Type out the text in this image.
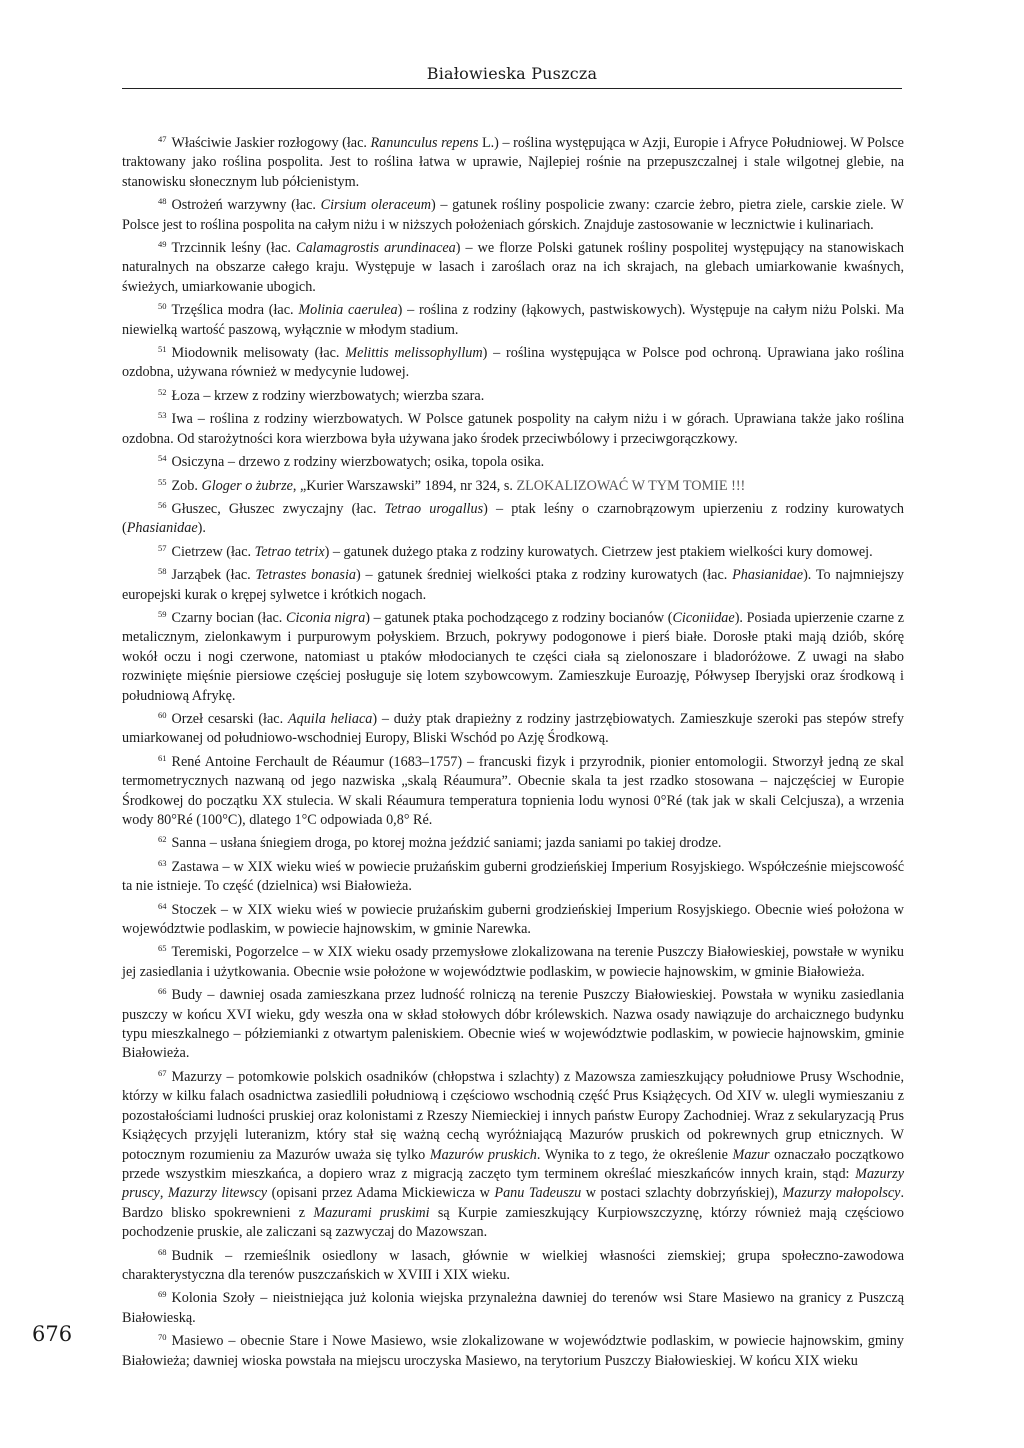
Białowieska Puszcza

$^{47}$ Właściwie Jaskier rozłogowy (łac. Ranunculus repens L.) – roślina występująca w Azji, Europie i Afryce Południowej. W Polsce traktowany jako roślina pospolita. Jest to roślina łatwa w uprawie, Najlepiej rośnie na przepuszczalnej i stale wilgotnej glebie, na stanowisku słonecznym lub półcienistym.

$^{48}$ Ostrożeń warzywny (łac. Cirsium oleraceum) – gatunek rośliny pospolicie zwany: czarcie żebro, pietra ziele, carskie ziele. W Polsce jest to roślina pospolita na całym niżu i w niższych położeniach górskich. Znajduje zastosowanie w lecznictwie i kulinariach.

$^{49}$ Trzcinnik leśny (łac. Calamagrostis arundinacea) – we florze Polski gatunek rośliny pospolitej występujący na stanowiskach naturalnych na obszarze całego kraju. Występuje w lasach i zaroślach oraz na ich skrajach, na glebach umiarkowanie kwaśnych, świeżych, umiarkowanie ubogich.

$^{50}$ Trzęślica modra (łac. Molinia caerulea) – roślina z rodziny (łąkowych, pastwiskowych). Występuje na całym niżu Polski. Ma niewielką wartość paszową, wyłącznie w młodym stadium.

$^{51}$ Miodownik melisowaty (łac. Melittis melissophyllum) – roślina występująca w Polsce pod ochroną. Uprawiana jako roślina ozdobna, używana również w medycynie ludowej.

$^{52}$ Łoza – krzew z rodziny wierzbowatych; wierzba szara.

$^{53}$ Iwa – roślina z rodziny wierzbowatych. W Polsce gatunek pospolity na całym niżu i w górach. Uprawiana także jako roślina ozdobna. Od starożytności kora wierzbowa była używana jako środek przeciwbólowy i przeciwgorączkowy.

$^{54}$ Osiczyna – drzewo z rodziny wierzbowatych; osika, topola osika.

$^{55}$ Zob. Gloger o żubrze, „Kurier Warszawski” 1894, nr 324, s. ZLOKALIZOWAĆ W TYM TOMIE !!!

$^{56}$ Głuszec, Głuszec zwyczajny (łac. Tetrao urogallus) – ptak leśny o czarnobrązowym upierzeniu z rodziny kurowatych (Phasianidae).

$^{57}$ Cietrzew (łac. Tetrao tetrix) – gatunek dużego ptaka z rodziny kurowatych. Cietrzew jest ptakiem wielkości kury domowej.

$^{58}$ Jarząbek (łac. Tetrastes bonasia) – gatunek średniej wielkości ptaka z rodziny kurowatych (łac. Phasianidae). To najmniejszy europejski kurak o krępej sylwetce i krótkich nogach.

$^{59}$ Czarny bocian (łac. Ciconia nigra) – gatunek ptaka pochodzącego z rodziny bocianów (Ciconiidae). Posiada upierzenie czarne z metalicznym, zielonkawym i purpurowym połyskiem. Brzuch, pokrywy podogonowe i pierś białe. Dorosłe ptaki mają dziób, skórę wokół oczu i nogi czerwone, natomiast u ptaków młodocianych te części ciała są zielonoszare i bladoróżowe. Z uwagi na słabo rozwinięte mięśnie piersiowe częściej posługuje się lotem szybowcowym. Zamieszkuje Euroazję, Półwysep Iberyjski oraz środkową i południową Afrykę.

$^{60}$ Orzeł cesarski (łac. Aquila heliaca) – duży ptak drapieżny z rodziny jastrzębiowatych. Zamieszkuje szeroki pas stepów strefy umiarkowanej od południowo-wschodniej Europy, Bliski Wschód po Azję Środkową.

$^{61}$ René Antoine Ferchault de Réaumur (1683–1757) – francuski fizyk i przyrodnik, pionier entomologii. Stworzył jedną ze skal termometrycznych nazwaną od jego nazwiska „skalą Réaumura”. Obecnie skala ta jest rzadko stosowana – najczęściej w Europie Środkowej do początku XX stulecia. W skali Réaumura temperatura topnienia lodu wynosi 0°Ré (tak jak w skali Celcjusza), a wrzenia wody 80°Ré (100°C), dlatego 1°C odpowiada 0,8° Ré.

$^{62}$ Sanna – usłana śniegiem droga, po ktorej można jeździć saniami; jazda saniami po takiej drodze.

$^{63}$ Zastawa – w XIX wieku wieś w powiecie prużańskim guberni grodzieńskiej Imperium Rosyjskiego. Współcześnie miejscowość ta nie istnieje. To część (dzielnica) wsi Białowieża.

$^{64}$ Stoczek – w XIX wieku wieś w powiecie prużańskim guberni grodzieńskiej Imperium Rosyjskiego. Obecnie wieś położona w województwie podlaskim, w powiecie hajnowskim, w gminie Narewka.

$^{65}$ Teremiski, Pogorzelce – w XIX wieku osady przemysłowe zlokalizowana na terenie Puszczy Białowieskiej, powstałe w wyniku jej zasiedlania i użytkowania. Obecnie wsie położone w województwie podlaskim, w powiecie hajnowskim, w gminie Białowieża.

$^{66}$ Budy – dawniej osada zamieszkana przez ludność rolniczą na terenie Puszczy Białowieskiej. Powstała w wyniku zasiedlania puszczy w końcu XVI wieku, gdy weszła ona w skład stołowych dóbr królewskich. Nazwa osady nawiązuje do archaicznego budynku typu mieszkalnego – półziemianki z otwartym paleniskiem. Obecnie wieś w województwie podlaskim, w powiecie hajnowskim, gminie Białowieża.

$^{67}$ Mazurzy – potomkowie polskich osadników (chłopstwa i szlachty) z Mazowsza zamieszkujący południowe Prusy Wschodnie, którzy w kilku falach osadnictwa zasiedlili południową i częściowo wschodnią część Prus Książęcych. Od XIV w. ulegli wymieszaniu z pozostałościami ludności pruskiej oraz kolonistami z Rzeszy Niemieckiej i innych państw Europy Zachodniej. Wraz z sekularyzacją Prus Książęcych przyjęli luteranizm, który stał się ważną cechą wyróżniającą Mazurów pruskich od pokrewnych grup etnicznych. W potocznym rozumieniu za Mazurów uważa się tylko Mazurów pruskich. Wynika to z tego, że określenie Mazur oznaczało początkowo przede wszystkim mieszkańca, a dopiero wraz z migracją zaczęto tym terminem określać mieszkańców innych krain, stąd: Mazurzy pruscy, Mazurzy litewscy (opisani przez Adama Mickiewicza w Panu Tadeuszu w postaci szlachty dobrzyńskiej), Mazurzy małopolscy. Bardzo blisko spokrewnieni z Mazurami pruskimi są Kurpie zamieszkujący Kurpiowszczyznę, którzy również mają częściowo pochodzenie pruskie, ale zaliczani są zazwyczaj do Mazowszan.

$^{68}$ Budnik – rzemieślnik osiedlony w lasach, głównie w wielkiej własności ziemskiej; grupa społeczno-zawodowa charakterystyczna dla terenów puszczańskich w XVIII i XIX wieku.

$^{69}$ Kolonia Szoły – nieistniejąca już kolonia wiejska przynależna dawniej do terenów wsi Stare Masiewo na granicy z Puszczą Białowieską.

$^{70}$ Masiewo – obecnie Stare i Nowe Masiewo, wsie zlokalizowane w województwie podlaskim, w powiecie hajnowskim, gminy Białowieża; dawniej wioska powstała na miejscu uroczyska Masiewo, na terytorium Puszczy Białowieskiej. W końcu XIX wieku

676
